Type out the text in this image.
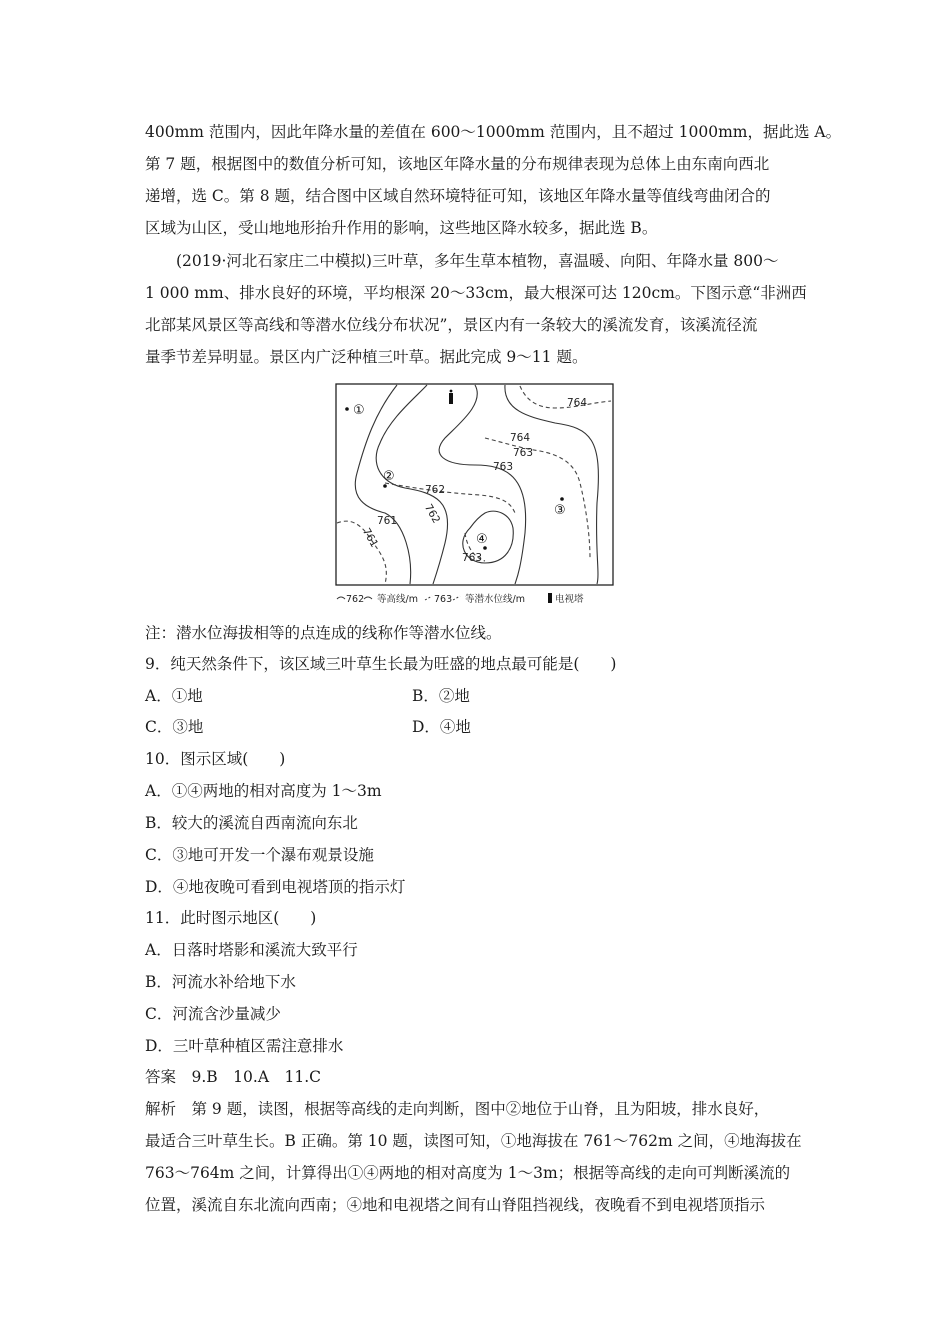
400mm 范围内，因此年降水量的差值在 600～1000mm 范围内，且不超过 1000mm，据此选 A。
第 7 题，根据图中的数值分析可知，该地区年降水量的分布规律表现为总体上由东南向西北
递增，选 C。第 8 题，结合图中区域自然环境特征可知，该地区年降水量等值线弯曲闭合的
区域为山区，受山地地形抬升作用的影响，这些地区降水较多，据此选 B。
(2019·河北石家庄二中模拟)三叶草，多年生草本植物，喜温暖、向阳、年降水量 800～
1 000 mm、排水良好的环境，平均根深 20～33cm，最大根深可达 120cm。下图示意“非洲西
北部某风景区等高线和等潜水位线分布状况”，景区内有一条较大的溪流发育，该溪流径流
量季节差异明显。景区内广泛种植三叶草。据此完成 9～11 题。
764
764
763
763
762
762
761
761
763
①
②
③
④
762 等高线/m 763 等潜水位线/m	电视塔
注：潜水位海拔相等的点连成的线称作等潜水位线。
9．纯天然条件下，该区域三叶草生长最为旺盛的地点最可能是(　　)
A．①地	B．②地
C．③地	D．④地
10．图示区域(　　)
A．①④两地的相对高度为 1～3m
B．较大的溪流自西南流向东北
C．③地可开发一个瀑布观景设施
D．④地夜晚可看到电视塔顶的指示灯
11．此时图示地区(　　)
A．日落时塔影和溪流大致平行
B．河流水补给地下水
C．河流含沙量减少
D．三叶草种植区需注意排水
答案　9.B　10.A　11.C
解析　第 9 题，读图，根据等高线的走向判断，图中②地位于山脊，且为阳坡，排水良好，
最适合三叶草生长。B 正确。第 10 题，读图可知，①地海拔在 761～762m 之间，④地海拔在
763～764m 之间，计算得出①④两地的相对高度为 1～3m；根据等高线的走向可判断溪流的
位置，溪流自东北流向西南；④地和电视塔之间有山脊阻挡视线，夜晚看不到电视塔顶指示
